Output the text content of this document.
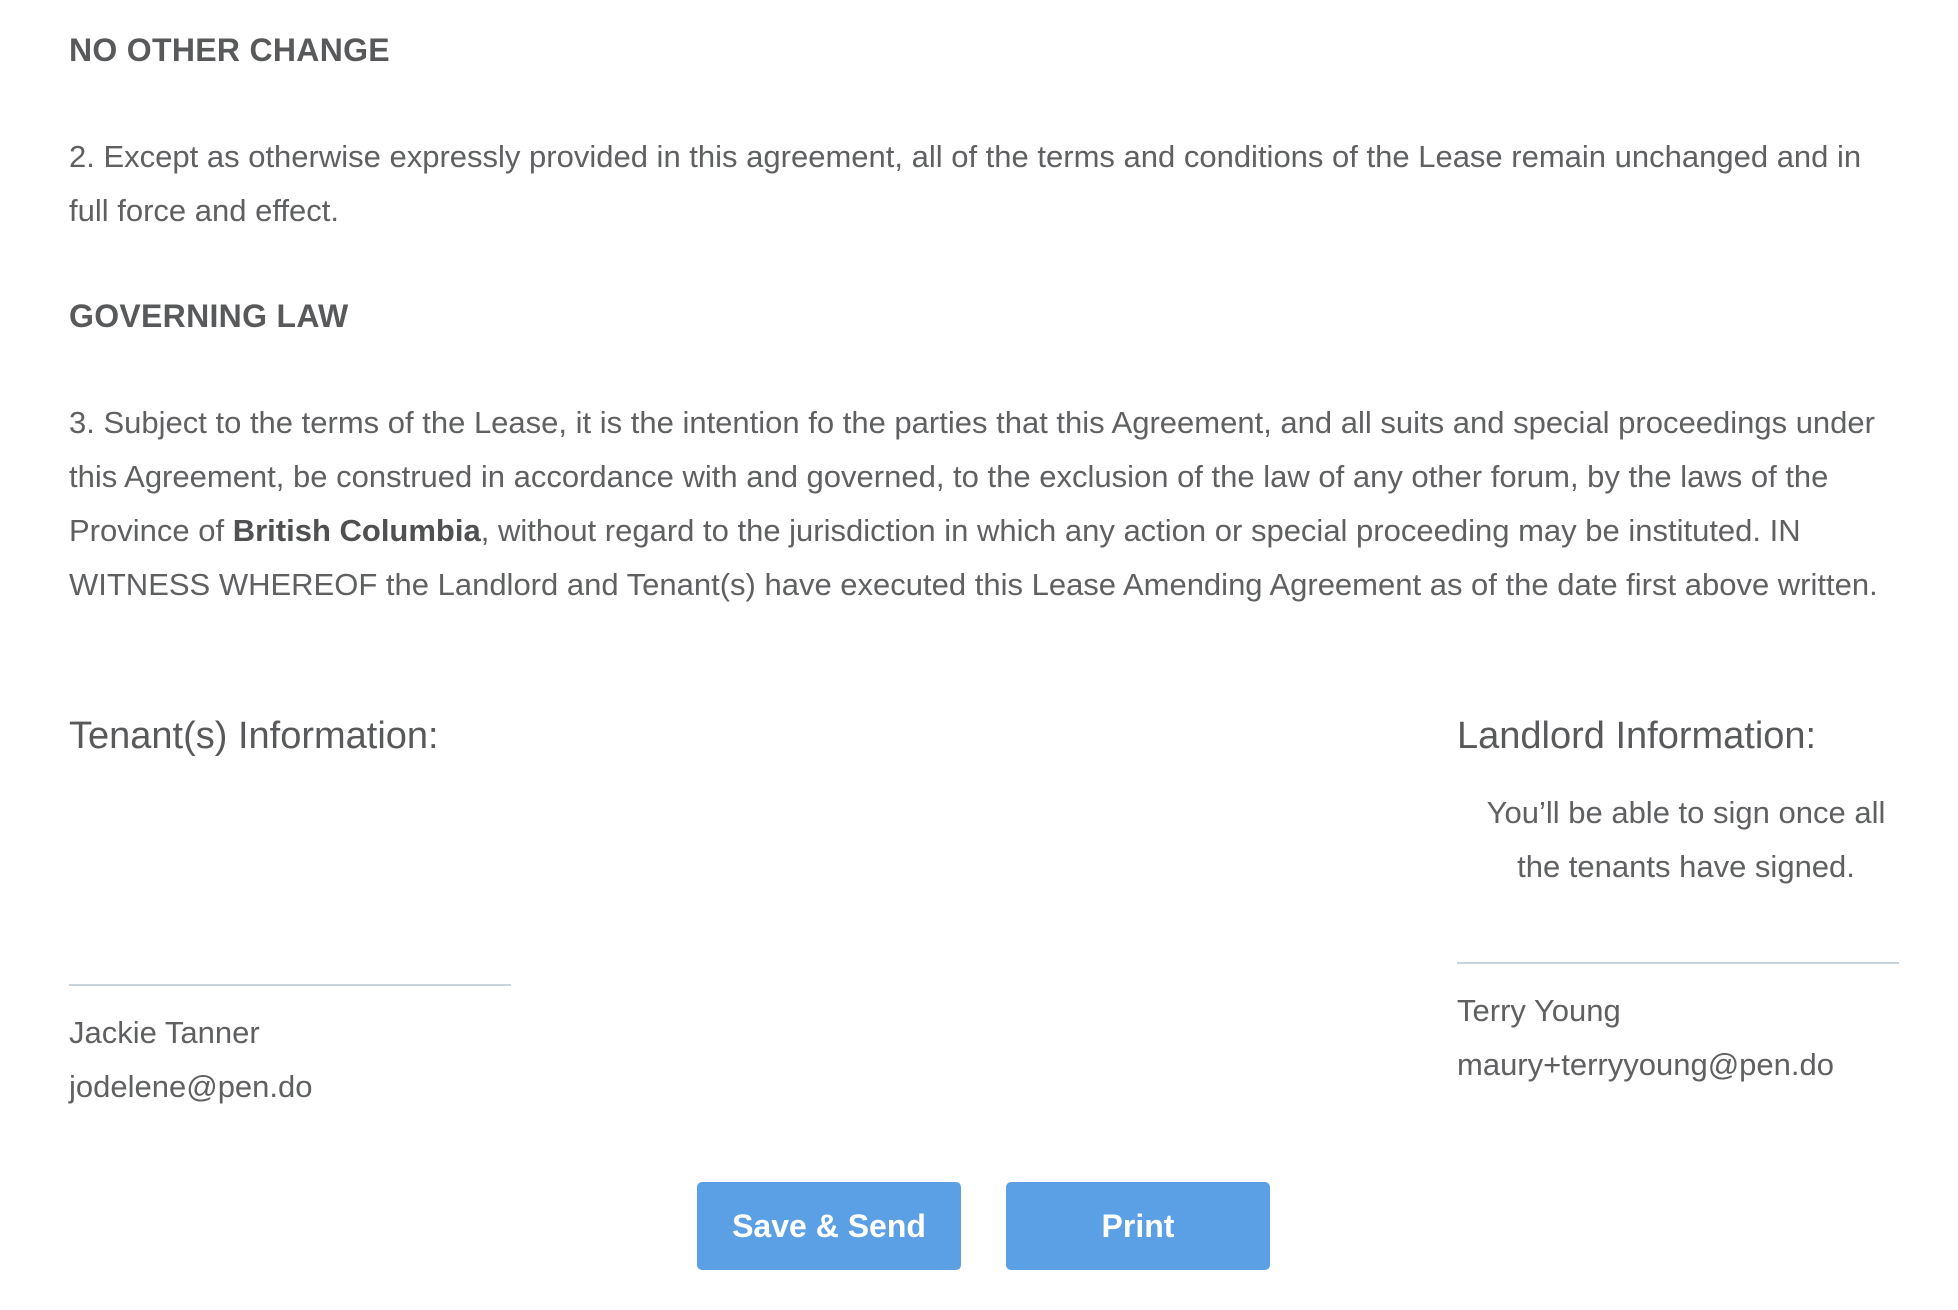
NO OTHER CHANGE
2. Except as otherwise expressly provided in this agreement, all of the terms and conditions of the Lease remain unchanged and in full force and effect.
GOVERNING LAW
3. Subject to the terms of the Lease, it is the intention fo the parties that this Agreement, and all suits and special proceedings under this Agreement, be construed in accordance with and governed, to the exclusion of the law of any other forum, by the laws of the Province of British Columbia, without regard to the jurisdiction in which any action or special proceeding may be instituted. IN WITNESS WHEREOF the Landlord and Tenant(s) have executed this Lease Amending Agreement as of the date first above written.
Tenant(s) Information:
Jackie Tanner
jodelene@pen.do
Landlord Information:
You’ll be able to sign once all the tenants have signed.
Terry Young
maury+terryyoung@pen.do
Save & Send	Print
